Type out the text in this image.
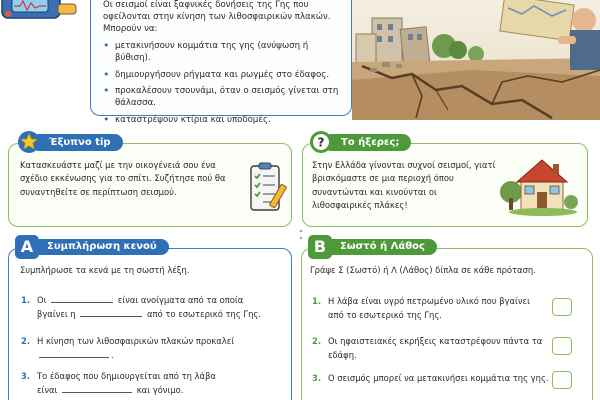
Οι σεισμοί είναι ξαφνικές δονήσεις της Γης που οφείλονται στην κίνηση των λιθοσφαιρικών πλακών. Μπορούν να:
• μετακινήσουν κομμάτια της γης (ανύψωση ή βύθιση).
• δημιουργήσουν ρήγματα και ρωγμές στο έδαφος.
• προκαλέσουν τσουνάμι, όταν ο σεισμός γίνεται στη θάλασσα.
• καταστρέψουν κτίρια και υποδομές.
Έξυπνο tip
Κατασκευάστε μαζί με την οικογένειά σου ένα σχέδιο εκκένωσης για το σπίτι. Συζήτησε πού θα συναντηθείτε σε περίπτωση σεισμού.
?	Το ήξερες;
Στην Ελλάδα γίνονται συχνοί σεισμοί, γιατί βρισκόμαστε σε μια περιοχή όπου συναντώνται και κινούνται οι λιθοσφαιρικές πλάκες!
A	Συμπλήρωση κενού
Συμπλήρωσε τα κενά με τη σωστή λέξη.
1. Οι	είναι ανοίγματα από τα οποία
βγαίνει η	από το εσωτερικό της Γης.
2. Η κίνηση των λιθοσφαιρικών πλακών προκαλεί
.
3. Το έδαφος που δημιουργείται από τη λάβα
είναι	και γόνιμο.
B	Σωστό ή Λάθος
Γράψε Σ (Σωστό) ή Λ (Λάθος) δίπλα σε κάθε πρόταση.
1. Η λάβα είναι υγρό πετρωμένο υλικό που βγαίνει από το εσωτερικό της Γης.
2. Οι ηφαιστειακές εκρήξεις καταστρέφουν πάντα τα εδάφη.
3. Ο σεισμός μπορεί να μετακινήσει κομμάτια της γης.
